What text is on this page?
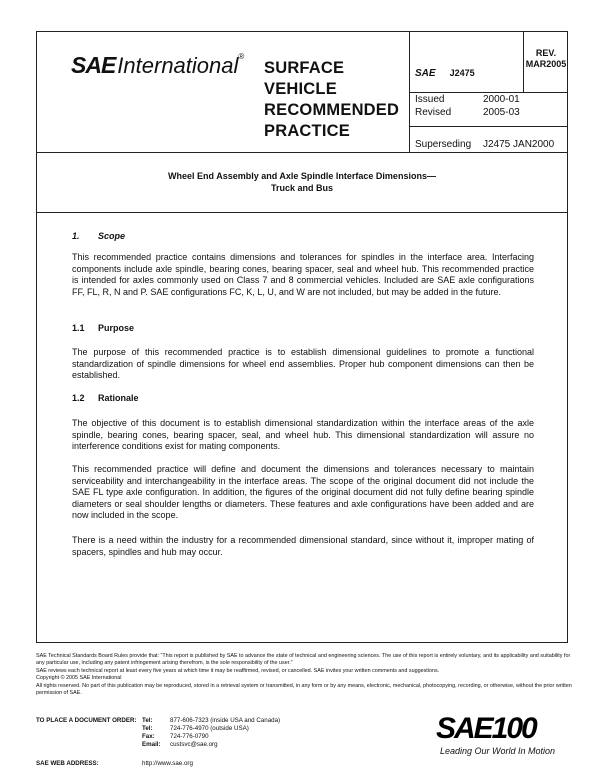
SAEInternational®
SURFACE
VEHICLE
RECOMMENDED
PRACTICE
SAE J2475
REV.
MAR2005
Issued	2000-01
Revised	2005-03
Superseding J2475 JAN2000
Wheel End Assembly and Axle Spindle Interface Dimensions—
Truck and Bus
1. Scope
This recommended practice contains dimensions and tolerances for spindles in the interface area. Interfacing components include axle spindle, bearing cones, bearing spacer, seal and wheel hub. This recommended practice is intended for axles commonly used on Class 7 and 8 commercial vehicles. Included are SAE axle configurations FF, FL, R, N and P. SAE configurations FC, K, L, U, and W are not included, but may be added in the future.
1.1 Purpose
The purpose of this recommended practice is to establish dimensional guidelines to promote a functional standardization of spindle dimensions for wheel end assemblies. Proper hub component dimensions can then be established.
1.2 Rationale
The objective of this document is to establish dimensional standardization within the interface areas of the axle spindle, bearing cones, bearing spacer, seal, and wheel hub. This dimensional standardization will assure no interference conditions exist for mating components.
This recommended practice will define and document the dimensions and tolerances necessary to maintain serviceability and interchangeability in the interface areas. The scope of the original document did not include the SAE FL type axle configuration. In addition, the figures of the original document did not fully define bearing spindle diameters or seal shoulder lengths or diameters. These features and axle configurations have been added and are now included in the scope.
There is a need within the industry for a recommended dimensional standard, since without it, improper mating of spacers, spindles and hub may occur.

SAE Technical Standards Board Rules provide that: “This report is published by SAE to advance the state of technical and engineering sciences. The use of this report is entirely voluntary, and its applicability and suitability for any particular use, including any patent infringement arising therefrom, is the sole responsibility of the user.”

SAE reviews each technical report at least every five years at which time it may be reaffirmed, revised, or cancelled. SAE invites your written comments and suggestions.

Copyright © 2005 SAE International

All rights reserved. No part of this publication may be reproduced, stored in a retrieval system or transmitted, in any form or by any means, electronic, mechanical, photocopying, recording, or otherwise, without the prior written permission of SAE.

TO PLACE A DOCUMENT ORDER: Tel:	877-606-7323 (inside USA and Canada)
Tel:	724-776-4970 (outside USA)
Fax: 724-776-0790
Email: custsvc@sae.org
SAE WEB ADDRESS:	http://www.sae.org
SAE100
Leading Our World In Motion
